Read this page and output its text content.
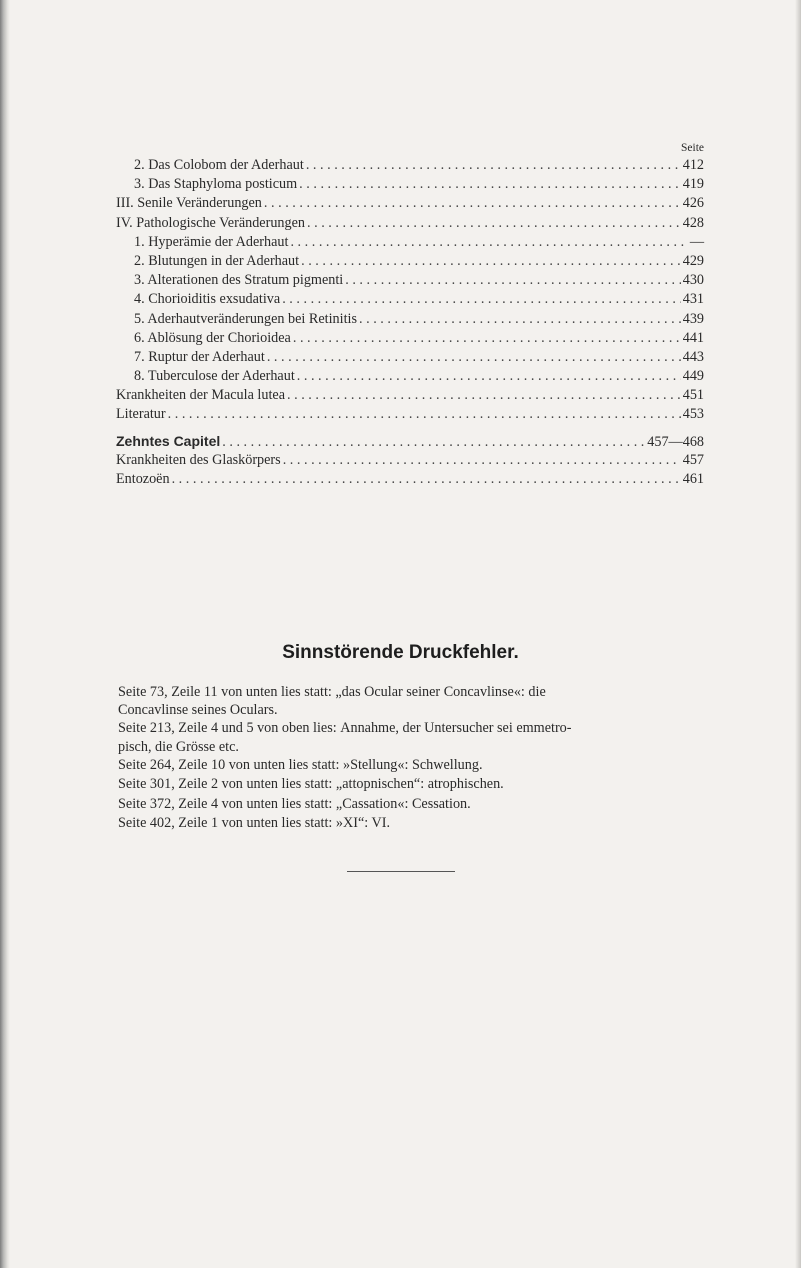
Seite
2. Das Colobom der Aderhaut . . .	412
3. Das Staphyloma posticum . . .	419
III. Senile Veränderungen . . .	426
IV. Pathologische Veränderungen . . .	428
1. Hyperämie der Aderhaut . . .	—
2. Blutungen in der Aderhaut . . .	429
3. Alterationen des Stratum pigmenti . . .	430
4. Chorioiditis exsudativa . . .	431
5. Aderhautveränderungen bei Retinitis . . .	439
6. Ablösung der Chorioidea . . .	441
7. Ruptur der Aderhaut . . .	443
8. Tuberculose der Aderhaut . . .	449
Krankheiten der Macula lutea . . .	451
Literatur . . .	453
Zehntes Capitel . . .	457—468
Krankheiten des Glaskörpers . . .	457
Entozoën . . .	461
Sinnstörende Druckfehler.
Seite 73, Zeile 11 von unten lies statt: „das Ocular seiner Concavlinse«: die
Concavlinse seines Oculars.
Seite 213, Zeile 4 und 5 von oben lies: Annahme, der Untersucher sei emmetro-
pisch, die Grösse etc.
Seite 264, Zeile 10 von unten lies statt: »Stellung«: Schwellung.
Seite 301, Zeile 2 von unten lies statt: „attopnischen“: atrophischen.
Seite 372, Zeile 4 von unten lies statt: „Cassation«: Cessation.
Seite 402, Zeile 1 von unten lies statt: »XI“: VI.
